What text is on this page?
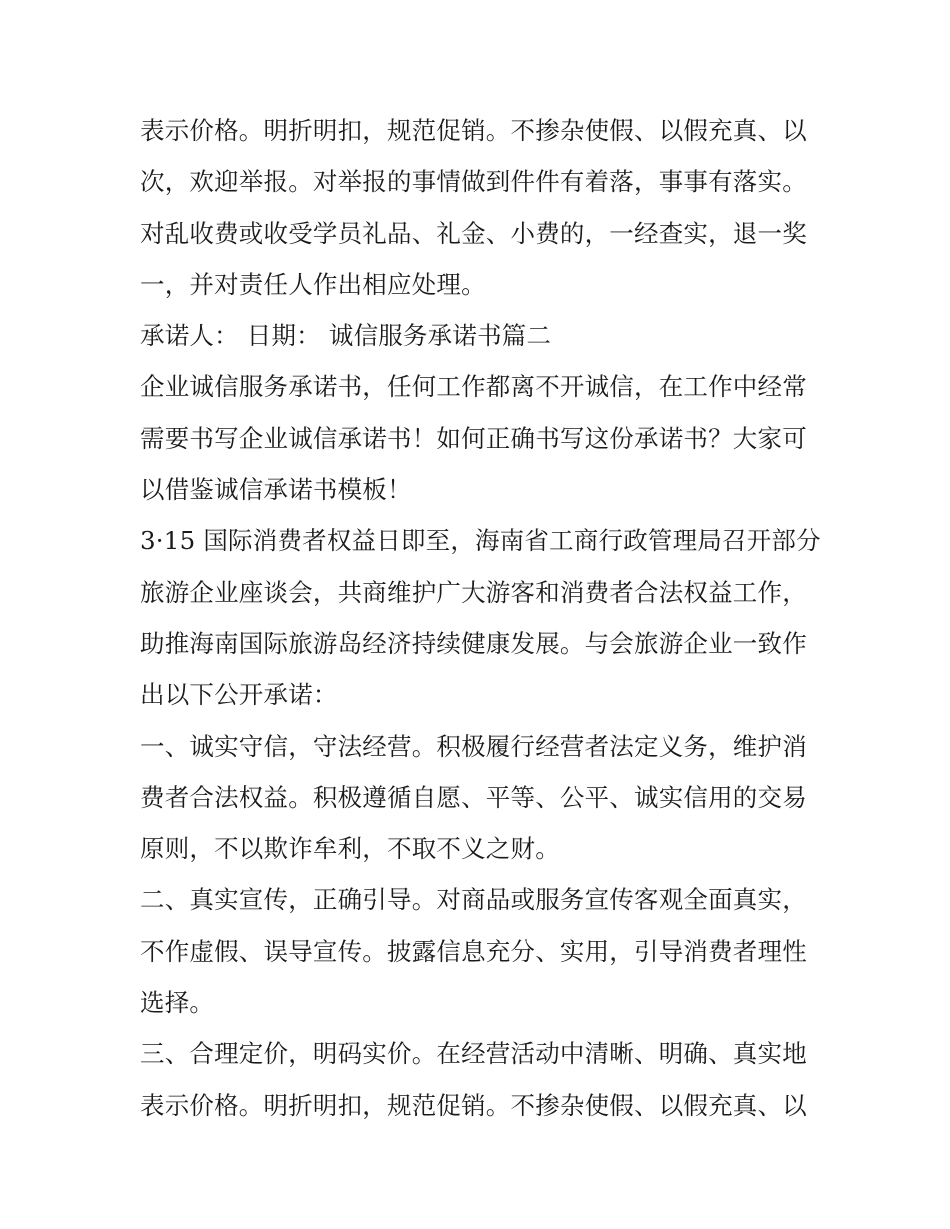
表示价格。明折明扣，规范促销。不掺杂使假、以假充真、以
次，欢迎举报。对举报的事情做到件件有着落，事事有落实。
对乱收费或收受学员礼品、礼金、小费的，一经查实，退一奖
一，并对责任人作出相应处理。
承诺人： 日期： 诚信服务承诺书篇二
企业诚信服务承诺书，任何工作都离不开诚信，在工作中经常
需要书写企业诚信承诺书！如何正确书写这份承诺书？大家可
以借鉴诚信承诺书模板！
3·15 国际消费者权益日即至，海南省工商行政管理局召开部分
旅游企业座谈会，共商维护广大游客和消费者合法权益工作，
助推海南国际旅游岛经济持续健康发展。与会旅游企业一致作
出以下公开承诺：
一、诚实守信，守法经营。积极履行经营者法定义务，维护消
费者合法权益。积极遵循自愿、平等、公平、诚实信用的交易
原则，不以欺诈牟利，不取不义之财。
二、真实宣传，正确引导。对商品或服务宣传客观全面真实，
不作虚假、误导宣传。披露信息充分、实用，引导消费者理性
选择。
三、合理定价，明码实价。在经营活动中清晰、明确、真实地
表示价格。明折明扣，规范促销。不掺杂使假、以假充真、以
